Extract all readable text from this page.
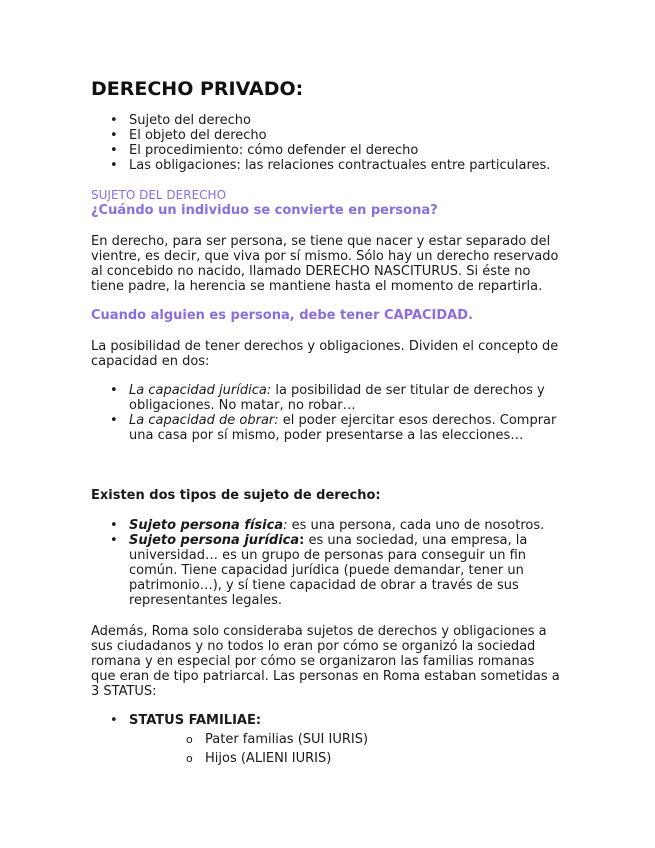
DERECHO PRIVADO:
• Sujeto del derecho
• El objeto del derecho
• El procedimiento: cómo defender el derecho
• Las obligaciones: las relaciones contractuales entre particulares.
SUJETO DEL DERECHO
¿Cuándo un individuo se convierte en persona?

En derecho, para ser persona, se tiene que nacer y estar separado del vientre, es decir, que viva por sí mismo. Sólo hay un derecho reservado al concebido no nacido, llamado DERECHO NASCITURUS. Si éste no tiene padre, la herencia se mantiene hasta el momento de repartirla.

Cuando alguien es persona, debe tener CAPACIDAD.

La posibilidad de tener derechos y obligaciones. Dividen el concepto de capacidad en dos:

• La capacidad jurídica: la posibilidad de ser titular de derechos y obligaciones. No matar, no robar…
• La capacidad de obrar: el poder ejercitar esos derechos. Comprar una casa por sí mismo, poder presentarse a las elecciones…
Existen dos tipos de sujeto de derecho:
• Sujeto persona física: es una persona, cada uno de nosotros.
• Sujeto persona jurídica: es una sociedad, una empresa, la universidad… es un grupo de personas para conseguir un fin común. Tiene capacidad jurídica (puede demandar, tener un patrimonio…), y sí tiene capacidad de obrar a través de sus representantes legales.

Además, Roma solo consideraba sujetos de derechos y obligaciones a sus ciudadanos y no todos lo eran por cómo se organizó la sociedad romana y en especial por cómo se organizaron las familias romanas que eran de tipo patriarcal. Las personas en Roma estaban sometidas a 3 STATUS:

• STATUS FAMILIAE:
o Pater familias (SUI IURIS)
o Hijos (ALIENI IURIS)
